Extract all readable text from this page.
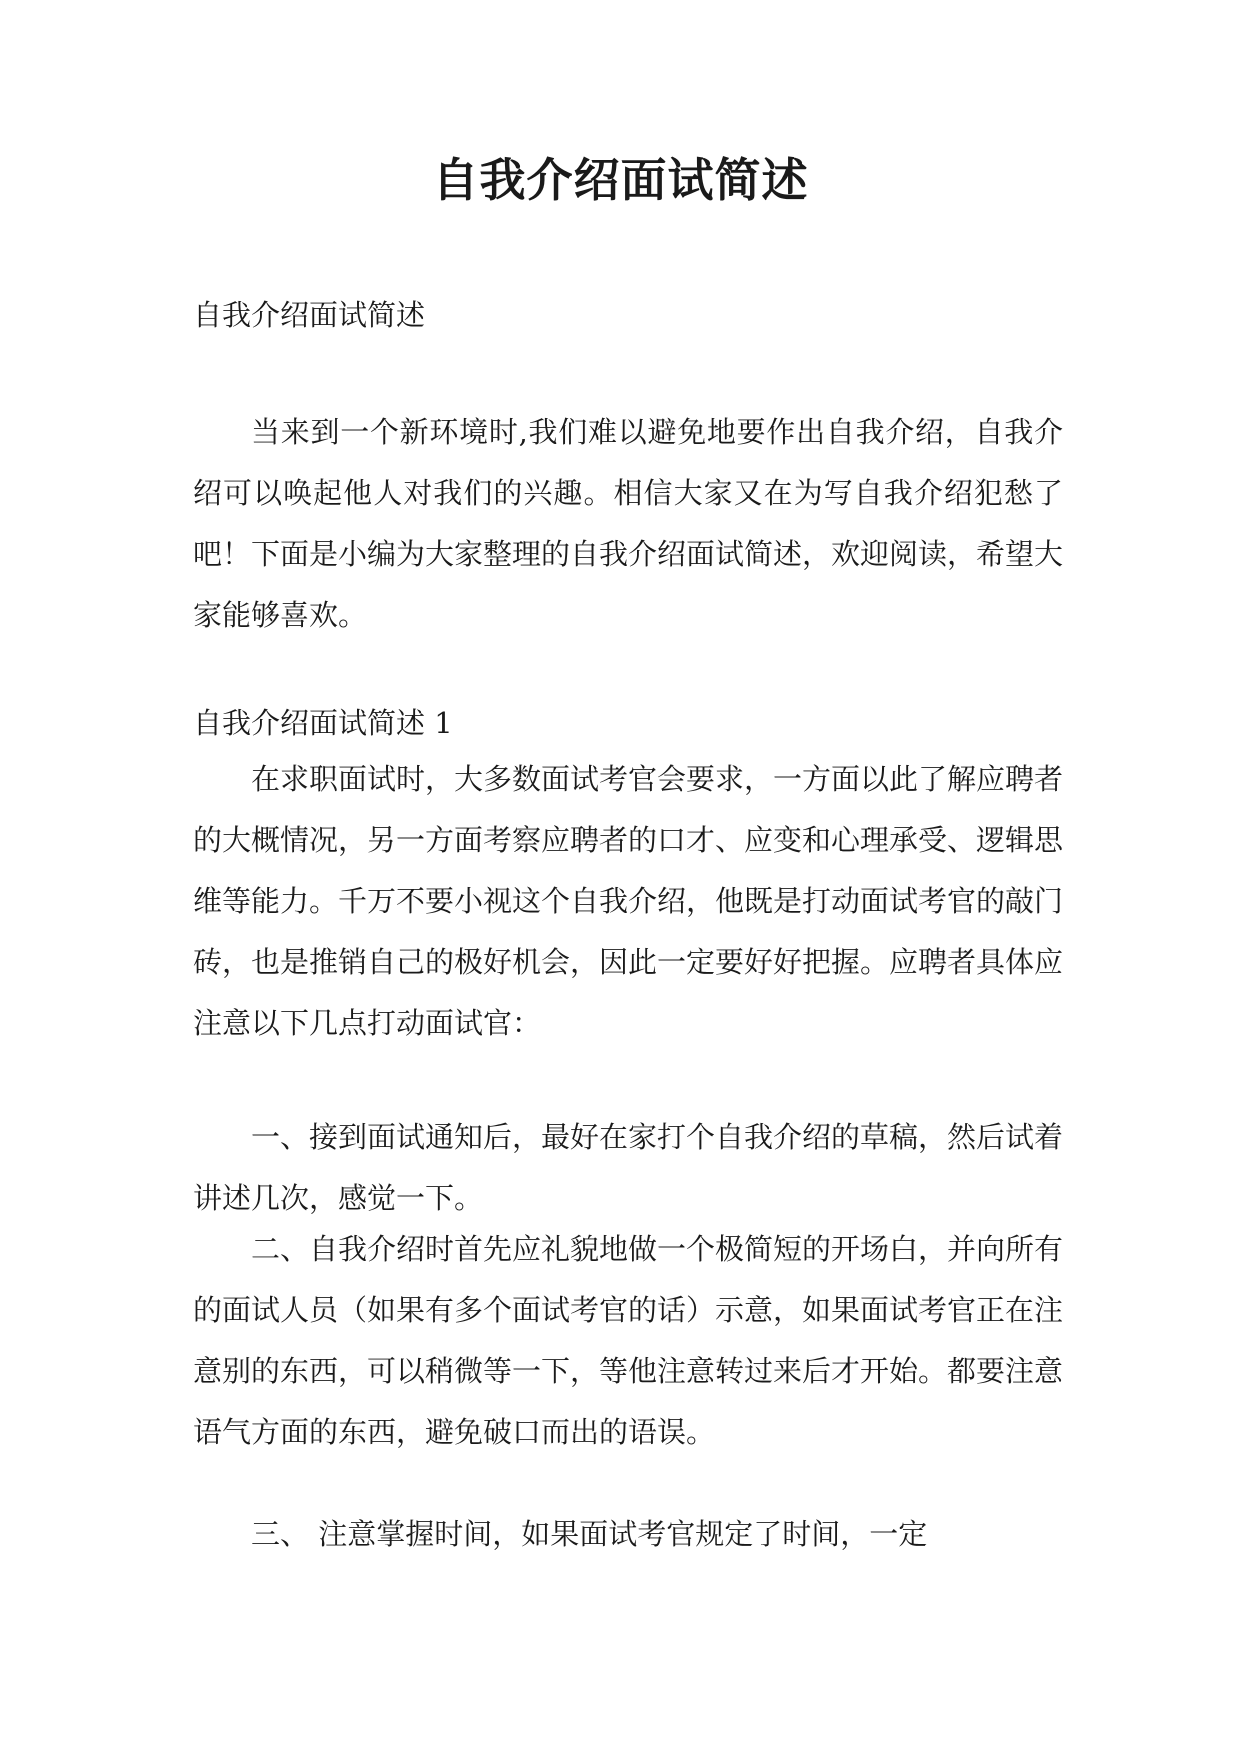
自我介绍面试简述
自我介绍面试简述
当来到一个新环境时,我们难以避免地要作出自我介绍，自我介绍可以唤起他人对我们的兴趣。相信大家又在为写自我介绍犯愁了吧！下面是小编为大家整理的自我介绍面试简述，欢迎阅读，希望大家能够喜欢。
自我介绍面试简述 1
在求职面试时，大多数面试考官会要求，一方面以此了解应聘者的大概情况，另一方面考察应聘者的口才、应变和心理承受、逻辑思维等能力。千万不要小视这个自我介绍，他既是打动面试考官的敲门砖，也是推销自己的极好机会，因此一定要好好把握。应聘者具体应注意以下几点打动面试官：
一、接到面试通知后，最好在家打个自我介绍的草稿，然后试着讲述几次，感觉一下。
二、自我介绍时首先应礼貌地做一个极简短的开场白，并向所有的面试人员（如果有多个面试考官的话）示意，如果面试考官正在注意别的东西，可以稍微等一下，等他注意转过来后才开始。都要注意语气方面的东西，避免破口而出的语误。
三、 注意掌握时间，如果面试考官规定了时间，一定
